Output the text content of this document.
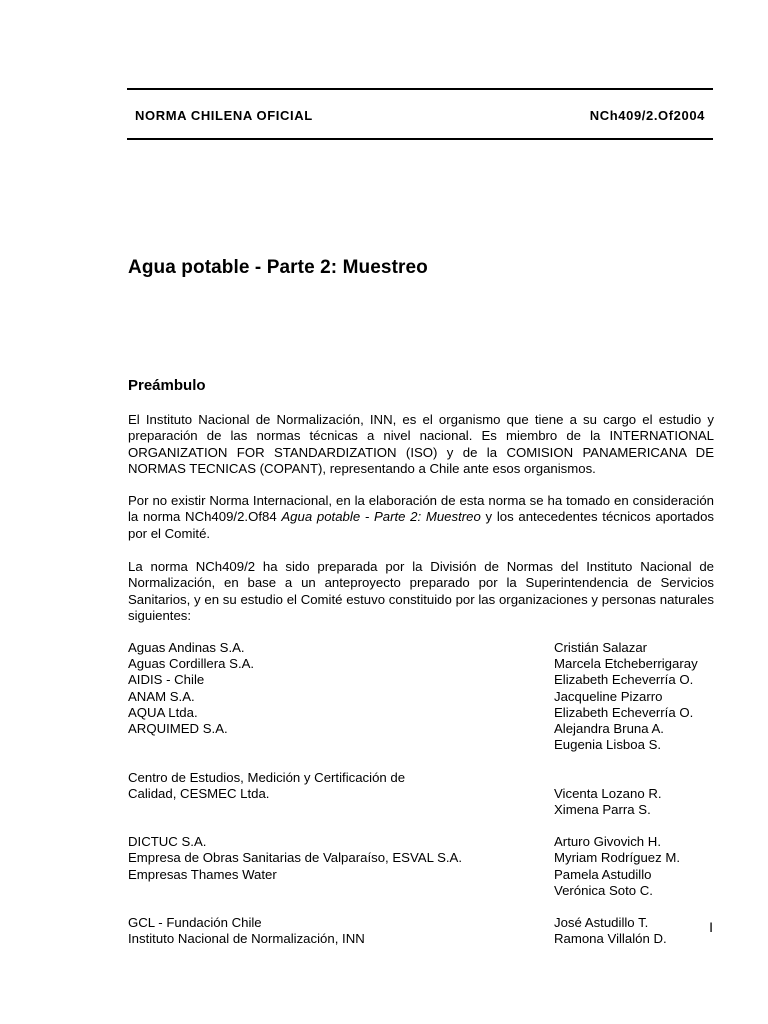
NORMA CHILENA OFICIAL	NCh409/2.Of2004
Agua potable - Parte 2: Muestreo
Preámbulo

El Instituto Nacional de Normalización, INN, es el organismo que tiene a su cargo el estudio y preparación de las normas técnicas a nivel nacional. Es miembro de la INTERNATIONAL ORGANIZATION FOR STANDARDIZATION (ISO) y de la COMISION PANAMERICANA DE NORMAS TECNICAS (COPANT), representando a Chile ante esos organismos.

Por no existir Norma Internacional, en la elaboración de esta norma se ha tomado en consideración la norma NCh409/2.Of84 Agua potable - Parte 2: Muestreo y los antecedentes técnicos aportados por el Comité.

La norma NCh409/2 ha sido preparada por la División de Normas del Instituto Nacional de Normalización, en base a un anteproyecto preparado por la Superintendencia de Servicios Sanitarios, y en su estudio el Comité estuvo constituido por las organizaciones y personas naturales siguientes:

Aguas Andinas S.A.	Cristián Salazar
Aguas Cordillera S.A.	Marcela Etcheberrigaray
AIDIS - Chile	Elizabeth Echeverría O.
ANAM S.A.	Jacqueline Pizarro
AQUA Ltda.	Elizabeth Echeverría O.
ARQUIMED S.A.	Alejandra Bruna A.
Eugenia Lisboa S.
Centro de Estudios, Medición y Certificación de
Calidad, CESMEC Ltda.	Vicenta Lozano R.
Ximena Parra S.
DICTUC S.A.	Arturo Givovich H.
Empresa de Obras Sanitarias de Valparaíso, ESVAL S.A.	Myriam Rodríguez M.
Empresas Thames Water	Pamela Astudillo
Verónica Soto C.
GCL - Fundación Chile	José Astudillo T.
Instituto Nacional de Normalización, INN	Ramona Villalón D.
I
